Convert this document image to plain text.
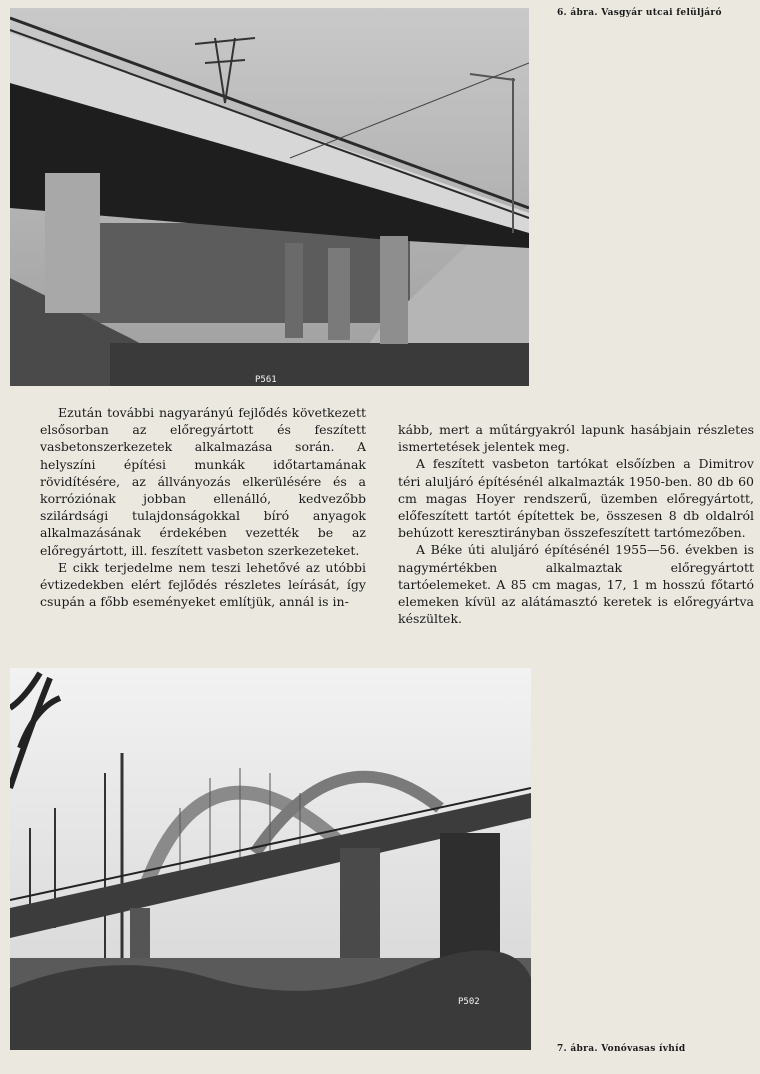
P561
6. ábra. Vasgyár utcai felüljáró

Ezután további nagyarányú fejlődés következett elsősorban az előregyártott és feszített vasbetonszerkezetek alkalmazása során. A helyszíni építési munkák időtartamának rövidítésére, az állványozás elkerülésére és a korróziónak jobban ellenálló, kedvezőbb szilárdsági tulajdonságokkal bíró anyagok alkalmazásának érdekében vezették be az előregyártott, ill. feszített vasbeton szerkezeteket.

E cikk terjedelme nem teszi lehetővé az utóbbi évtizedekben elért fejlődés részletes leírását, így csupán a főbb eseményeket említjük, annál is in-

kább, mert a műtárgyakról lapunk hasábjain részletes ismertetések jelentek meg.

A feszített vasbeton tartókat elsőízben a Dimitrov téri aluljáró építésénél alkalmazták 1950-ben. 80 db 60 cm magas Hoyer rendszerű, üzemben előregyártott, előfeszített tartót építettek be, összesen 8 db oldalról behúzott keresztirányban összefeszített tartómezőben.

A Béke úti aluljáró építésénél 1955—56. években is nagymértékben alkalmaztak előregyártott tartóelemeket. A 85 cm magas, 17, 1 m hosszú főtartó elemeken kívül az alátámasztó keretek is előregyártva készültek.

P502
7. ábra. Vonóvasas ívhíd
